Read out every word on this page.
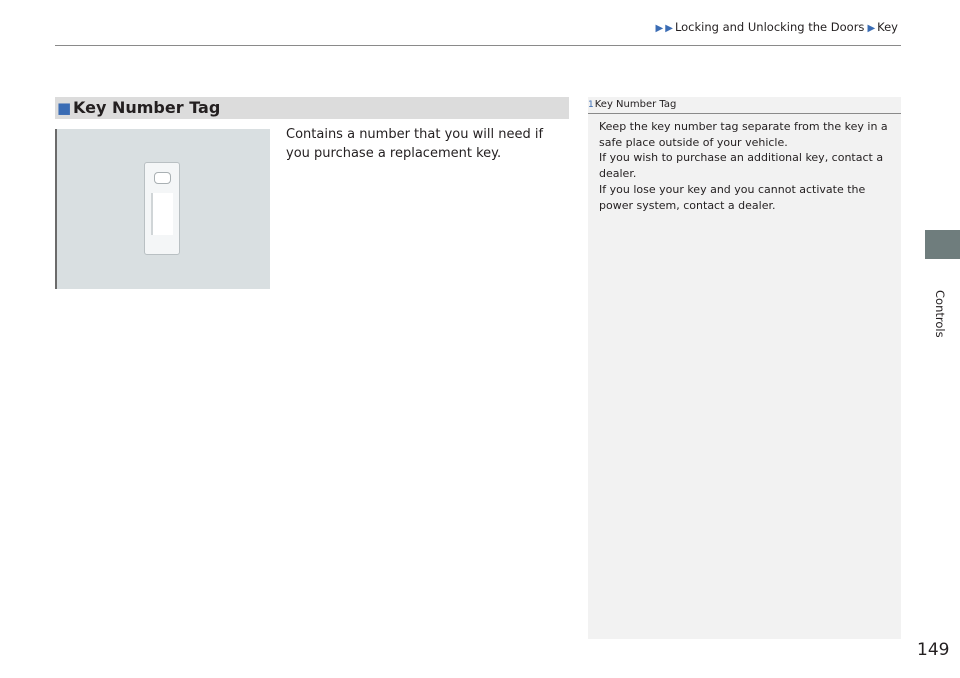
▶ ▶ Locking and Unlocking the Doors ▶ Key
■ Key Number Tag
Contains a number that you will need if you purchase a replacement key.
1Key Number Tag

Keep the key number tag separate from the key in a safe place outside of your vehicle.

If you wish to purchase an additional key, contact a dealer.

If you lose your key and you cannot activate the power system, contact a dealer.

Controls
149
